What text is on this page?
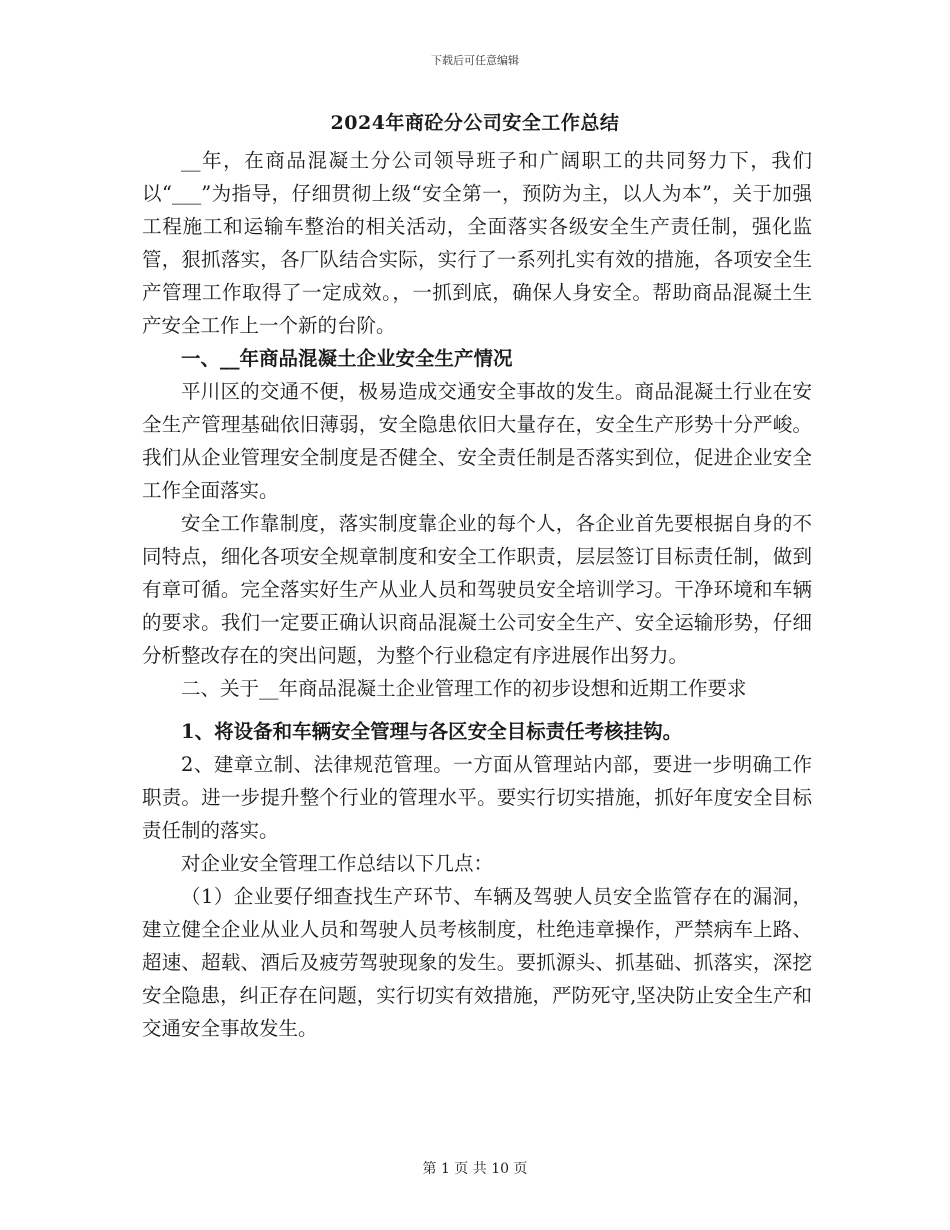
下载后可任意编辑
2024年商砼分公司安全工作总结

__年，在商品混凝土分公司领导班子和广阔职工的共同努力下，我们以“___”为指导，仔细贯彻上级“安全第一，预防为主，以人为本”，关于加强工程施工和运输车整治的相关活动，全面落实各级安全生产责任制，强化监管，狠抓落实，各厂队结合实际，实行了一系列扎实有效的措施，各项安全生产管理工作取得了一定成效。，一抓到底，确保人身安全。帮助商品混凝土生产安全工作上一个新的台阶。

一、__年商品混凝土企业安全生产情况

平川区的交通不便，极易造成交通安全事故的发生。商品混凝土行业在安全生产管理基础依旧薄弱，安全隐患依旧大量存在，安全生产形势十分严峻。我们从企业管理安全制度是否健全、安全责任制是否落实到位，促进企业安全工作全面落实。

安全工作靠制度，落实制度靠企业的每个人，各企业首先要根据自身的不同特点，细化各项安全规章制度和安全工作职责，层层签订目标责任制，做到有章可循。完全落实好生产从业人员和驾驶员安全培训学习。干净环境和车辆的要求。我们一定要正确认识商品混凝土公司安全生产、安全运输形势，仔细分析整改存在的突出问题，为整个行业稳定有序进展作出努力。

二、关于__年商品混凝土企业管理工作的初步设想和近期工作要求

1、将设备和车辆安全管理与各区安全目标责任考核挂钩。

2、建章立制、法律规范管理。一方面从管理站内部，要进一步明确工作职责。进一步提升整个行业的管理水平。要实行切实措施，抓好年度安全目标责任制的落实。

对企业安全管理工作总结以下几点：

（1）企业要仔细查找生产环节、车辆及驾驶人员安全监管存在的漏洞，建立健全企业从业人员和驾驶人员考核制度，杜绝违章操作，严禁病车上路、超速、超载、酒后及疲劳驾驶现象的发生。要抓源头、抓基础、抓落实，深挖安全隐患，纠正存在问题，实行切实有效措施，严防死守,坚决防止安全生产和交通安全事故发生。

第 1 页 共 10 页
